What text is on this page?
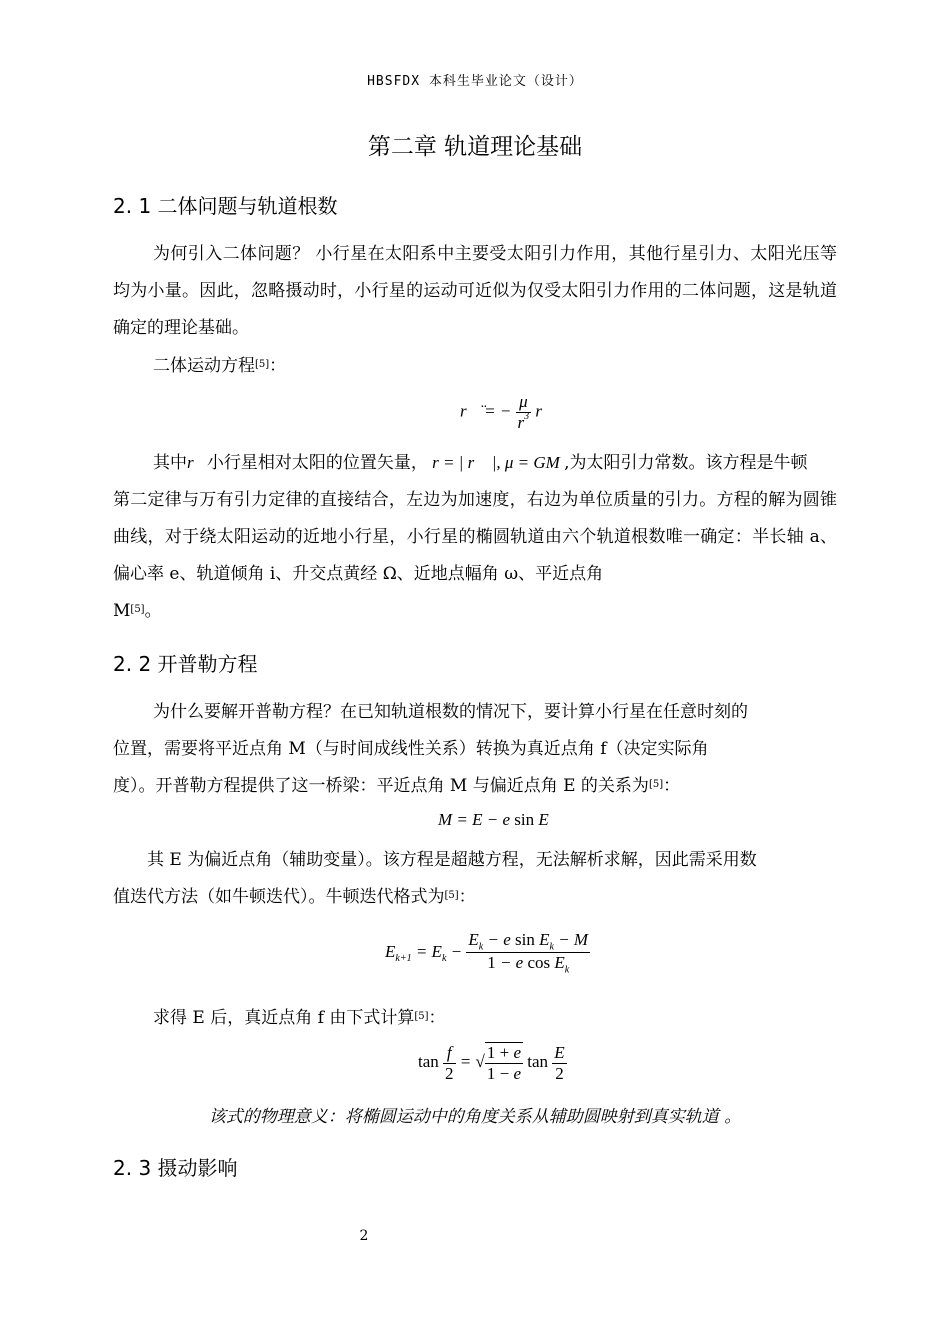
HBSFDX 本科生毕业论文（设计）
第二章 轨道理论基础
2. 1 二体问题与轨道根数
为何引入二体问题？ 小行星在太阳系中主要受太阳引力作用，其他行星引力、太阳光压等均为小量。因此，忽略摄动时，小行星的运动可近似为仅受太阳引力作用的二体问题，这是轨道确定的理论基础。
二体运动方程[5]：
r⃗̈ = − $\frac{\mu}{r^3}$ r⃗
其中r⃗小行星相对太阳的位置矢量， r = | r⃗ |, μ = GM ,为太阳引力常数。该方程是牛顿
第二定律与万有引力定律的直接结合，左边为加速度，右边为单位质量的引力。方程的解为圆锥曲线，对于绕太阳运动的近地小行星，小行星的椭圆轨道由六个轨道根数唯一确定：半长轴 a、偏心率 e、轨道倾角 i、升交点黄经 Ω、近地点幅角 ω、平近点角
M[5]。
2. 2 开普勒方程
为什么要解开普勒方程？在已知轨道根数的情况下，要计算小行星在任意时刻的
位置，需要将平近点角 M（与时间成线性关系）转换为真近点角 f（决定实际角
度）。开普勒方程提供了这一桥梁：平近点角 M 与偏近点角 E 的关系为[5]：
M = E − e sin E
其 E 为偏近点角（辅助变量）。该方程是超越方程，无法解析求解，因此需采用数
值迭代方法（如牛顿迭代）。牛顿迭代格式为[5]：
$E_{k+1} = E_k - \frac{E_k - e \sin E_k - M}{1 - e \cos E_k}$
求得 E 后，真近点角 f 由下式计算[5]：
$\tan \frac{f}{2}$ = √ $\frac{1 + e}{1 - e}$ $\tan \frac{E}{2}$
该式的物理意义：将椭圆运动中的角度关系从辅助圆映射到真实轨道 。
2. 3 摄动影响
2
